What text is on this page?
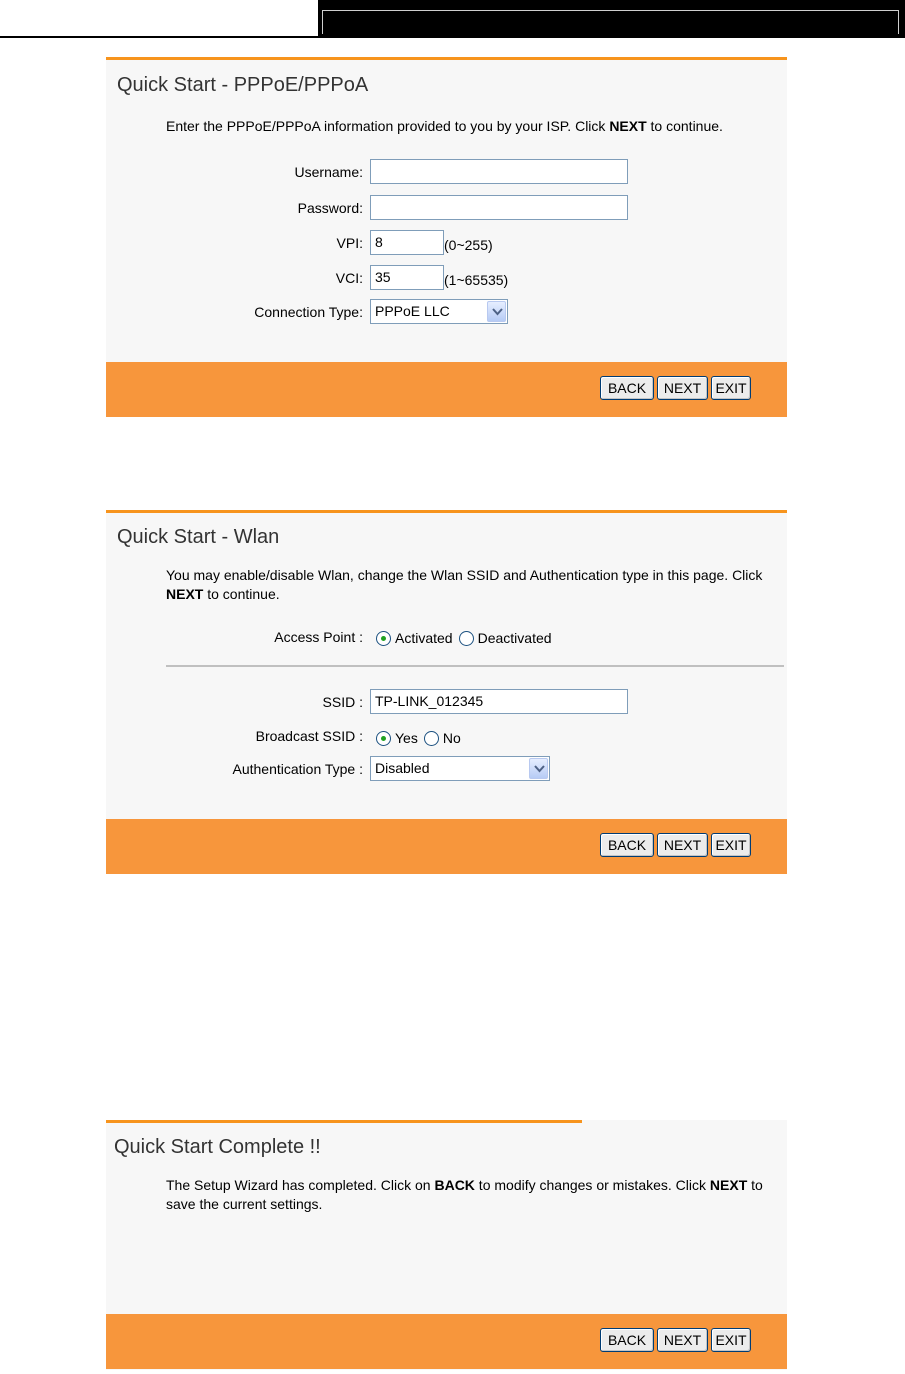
Quick Start - PPPoE/PPPoA
Enter the PPPoE/PPPoA information provided to you by your ISP. Click NEXT to continue.
Username:
Password:
VPI: 8	(0~255)
VCI: 35	(1~65535)
Connection Type: PPPoE LLC
BACK	NEXT	EXIT
Quick Start - Wlan
You may enable/disable Wlan, change the Wlan SSID and Authentication type in this page. Click NEXT to continue.
Access Point : Activated Deactivated
SSID : TP-LINK_012345
Broadcast SSID : Yes No
Authentication Type : Disabled
BACK	NEXT	EXIT
Quick Start Complete !!
The Setup Wizard has completed. Click on BACK to modify changes or mistakes. Click NEXT to save the current settings.
BACK	NEXT	EXIT
